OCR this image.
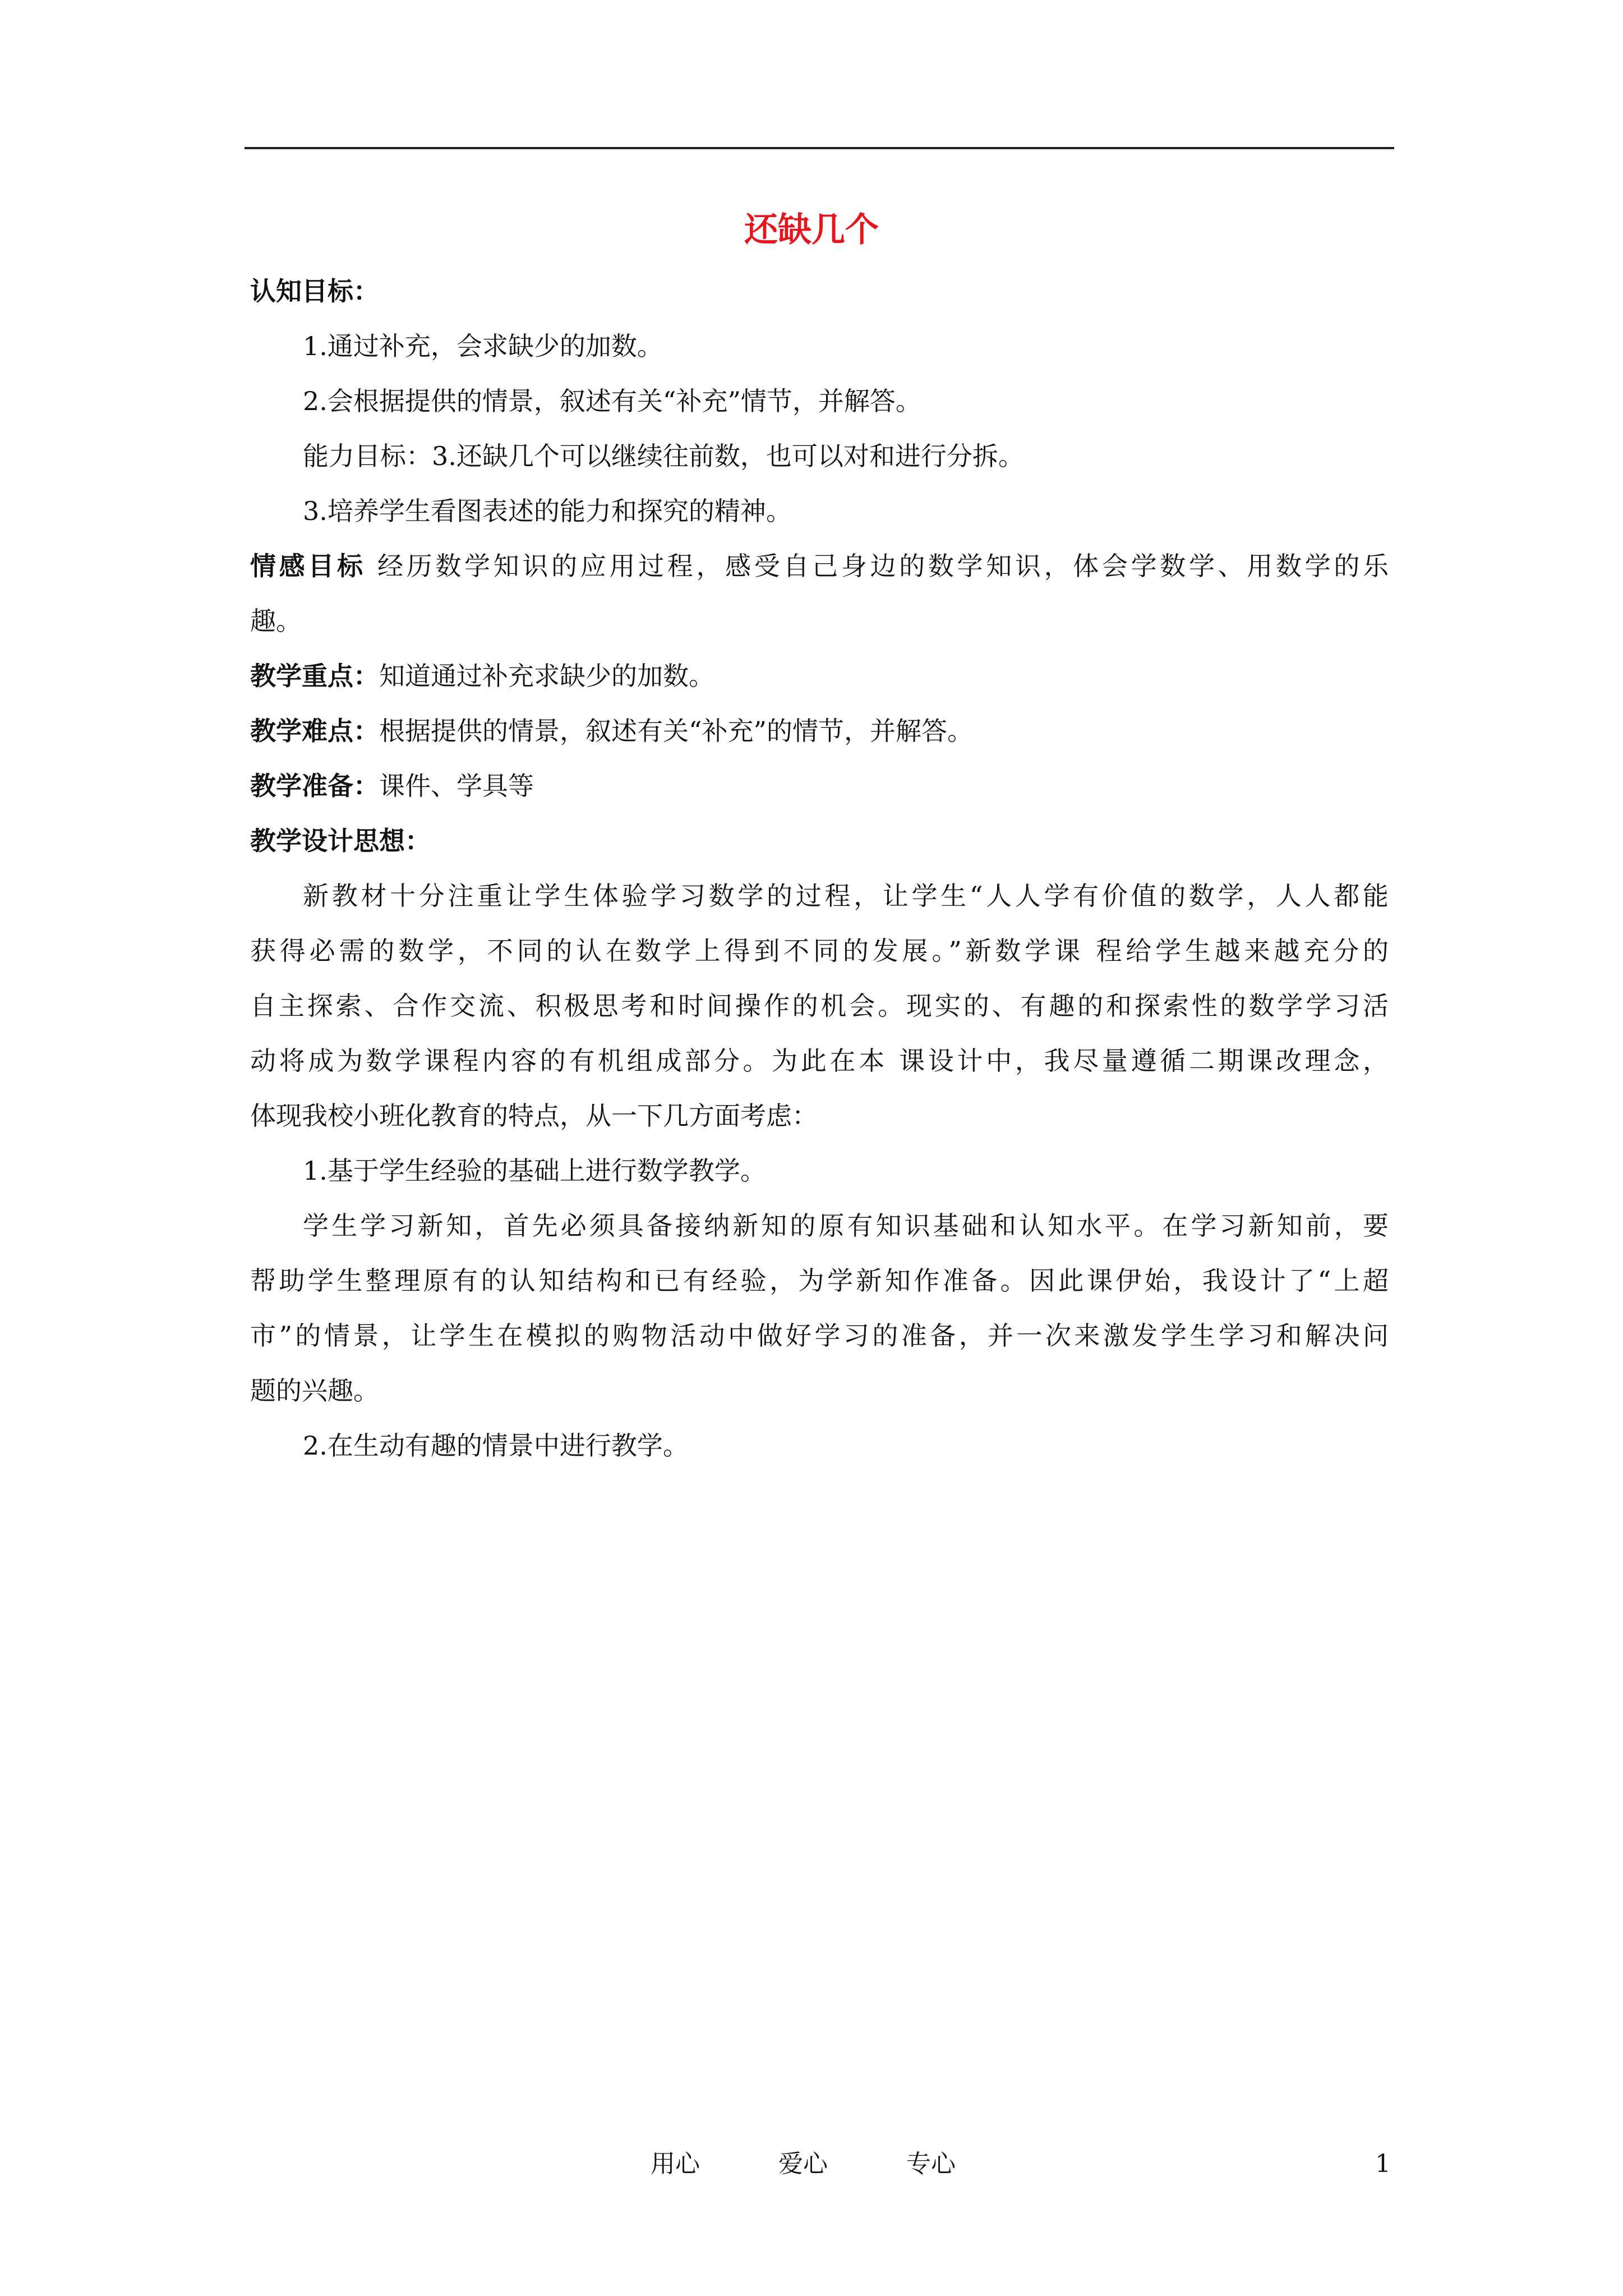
还缺几个

认知目标：

1.通过补充，会求缺少的加数。

2.会根据提供的情景，叙述有关“补充”情节，并解答。

能力目标：3.还缺几个可以继续往前数，也可以对和进行分拆。

3.培养学生看图表述的能力和探究的精神。

情感目标 经历数学知识的应用过程，感受自己身边的数学知识，体会学数学、用数学的乐

趣。

教学重点：知道通过补充求缺少的加数。

教学难点：根据提供的情景，叙述有关“补充”的情节，并解答。

教学准备：课件、学具等

教学设计思想：

新教材十分注重让学生体验学习数学的过程，让学生“人人学有价值的数学，人人都能

获得必需的数学，不同的认在数学上得到不同的发展。”新数学课 程给学生越来越充分的

自主探索、合作交流、积极思考和时间操作的机会。现实的、有趣的和探索性的数学学习活

动将成为数学课程内容的有机组成部分。为此在本 课设计中，我尽量遵循二期课改理念，

体现我校小班化教育的特点，从一下几方面考虑：

1.基于学生经验的基础上进行数学教学。

学生学习新知，首先必须具备接纳新知的原有知识基础和认知水平。在学习新知前，要

帮助学生整理原有的认知结构和已有经验，为学新知作准备。因此课伊始，我设计了“上超

市”的情景，让学生在模拟的购物活动中做好学习的准备，并一次来激发学生学习和解决问

题的兴趣。

2.在生动有趣的情景中进行教学。

用心	爱心	专心	1
